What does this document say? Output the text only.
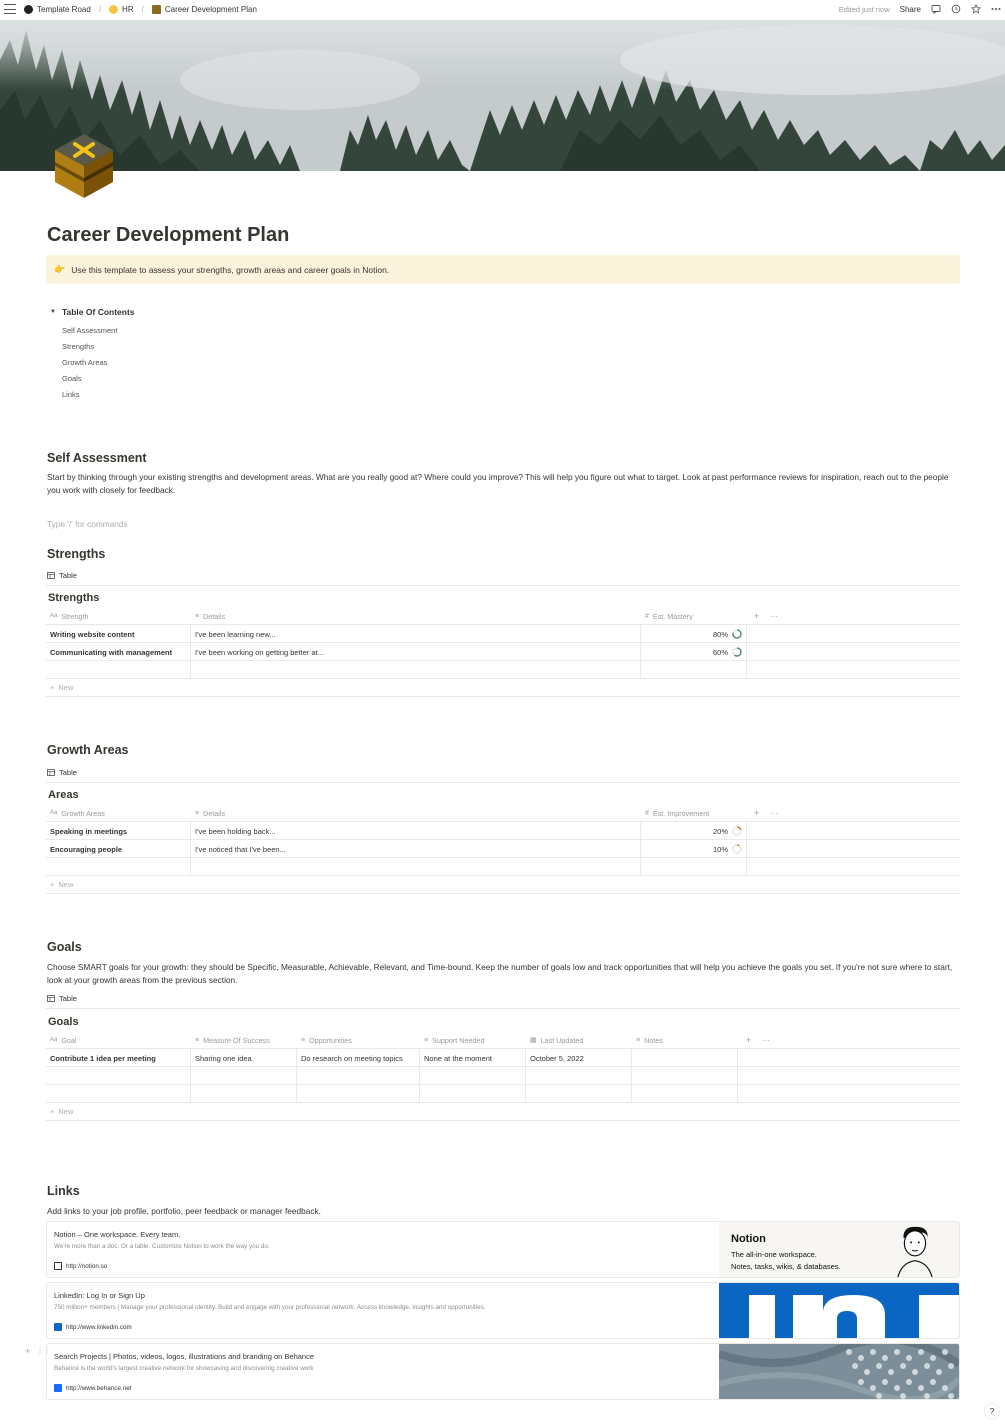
Template Road /	HR /	Career Development Plan	Edited just now Share
Career Development Plan
👉 Use this template to assess your strengths, growth areas and career goals in Notion.
▼ Table Of Contents
Self Assessment
Strengths
Growth Areas
Goals
Links
Self Assessment
Start by thinking through your existing strengths and development areas. What are you really good at? Where could you improve? This will help you figure out what to target. Look at past performance reviews for inspiration, reach out to the people you work with closely for feedback.
Type '/' for commands
Strengths
Table
Strengths
Aa Strength	≡ Details	# Est. Mastery	+	···
Writing website content	I've been learning new...	80%
Communicating with management	I've been working on getting better at...	60%
+ New
Growth Areas
Table
Areas
Aa Growth Areas	≡ Details	# Est. Improvement	+	···
Speaking in meetings	I've been holding back...	20%
Encouraging people	I've noticed that I've been...	10%
+ New
Goals
Choose SMART goals for your growth: they should be Specific, Measurable, Achievable, Relevant, and Time-bound. Keep the number of goals low and track opportunities that will help you achieve the goals you set. If you're not sure where to start, look at your growth areas from the previous section.
Table
Goals
Aa Goal	≡ Measure Of Success	≡ Opportunities	≡ Support Needed	▦ Last Updated	≡ Notes	+	···
Contribute 1 idea per meeting	Sharing one idea	Do research on meeting topics	None at the moment	October 5, 2022
+ New
Links
Add links to your job profile, portfolio, peer feedback or manager feedback.
Notion – One workspace. Every team.
We're more than a doc. Or a table. Customize Notion to work the way you do.
http://notion.so
Notion
The all-in-one workspace.
Notes, tasks, wikis, & databases.
LinkedIn: Log In or Sign Up
750 million+ members | Manage your professional identity. Build and engage with your professional network. Access knowledge, insights and opportunities.
http://www.linkedin.com
+ ⋮⋮
Search Projects | Photos, videos, logos, illustrations and branding on Behance
Behance is the world's largest creative network for showcasing and discovering creative work
http://www.behance.net
?
